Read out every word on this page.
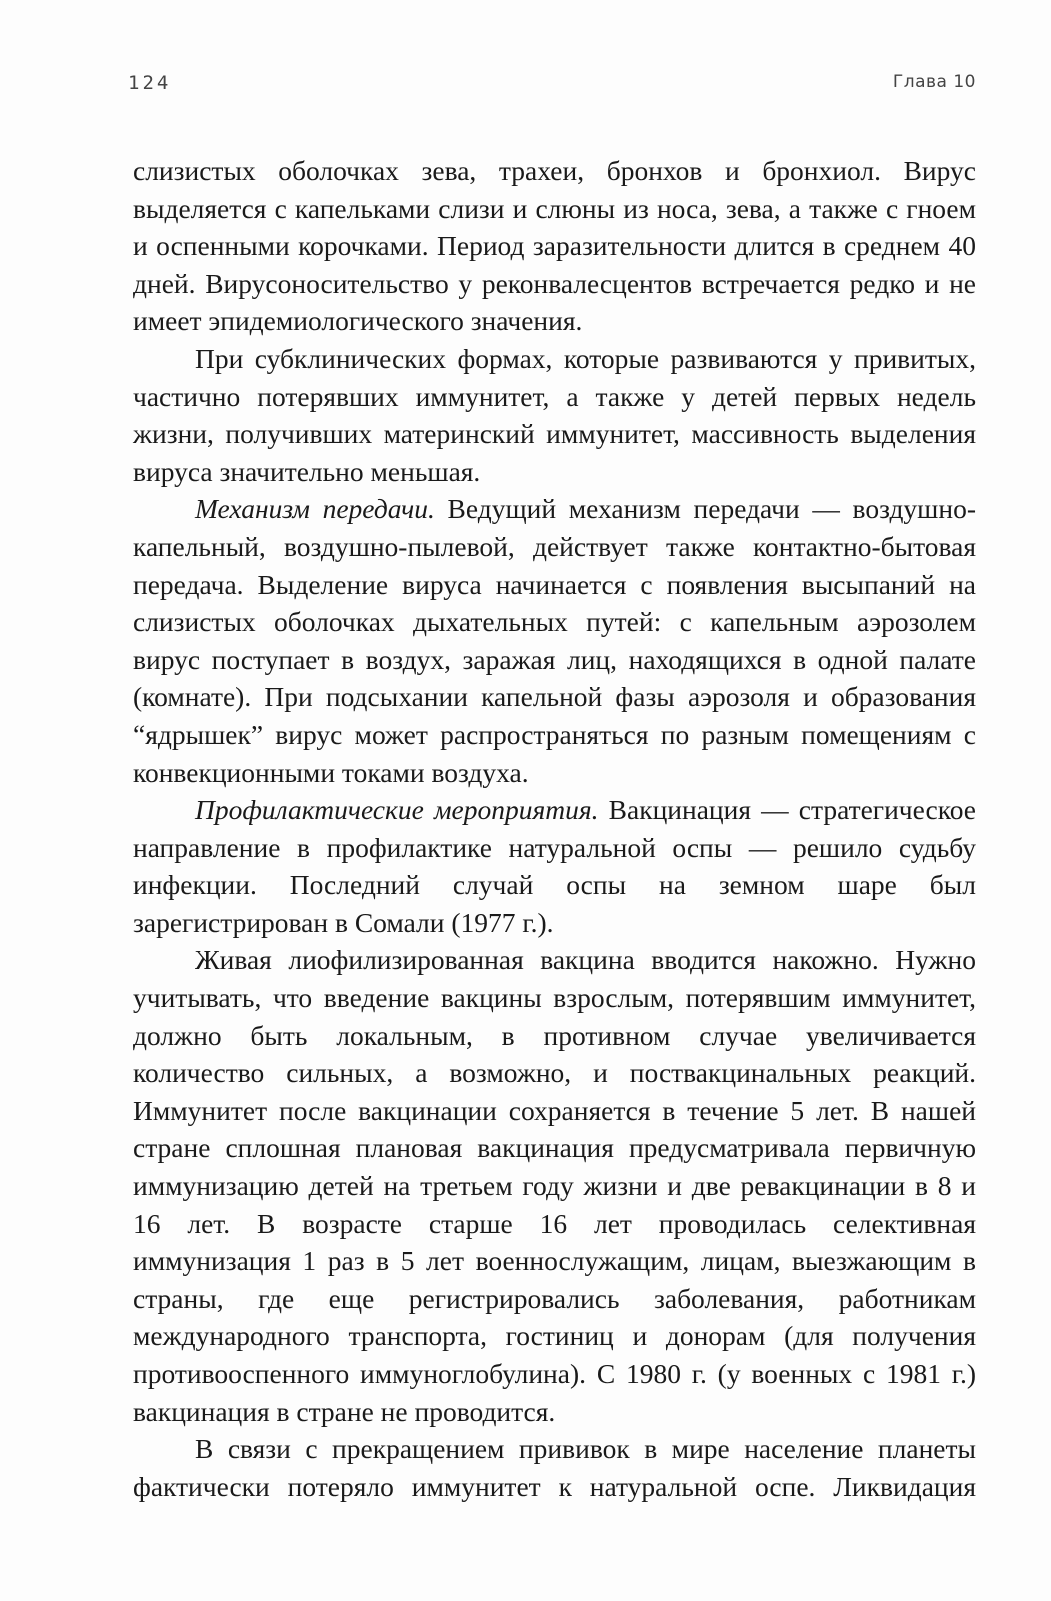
124	Глава 10

слизистых оболочках зева, трахеи, бронхов и бронхиол. Вирус выделяется с капельками слизи и слюны из носа, зева, а также с гноем и оспенными корочками. Период заразительности длится в среднем 40 дней. Вирусоносительство у реконвалесцентов встречается редко и не имеет эпидемиологического значения.

При субклинических формах, которые развиваются у привитых, частично потерявших иммунитет, а также у детей первых недель жизни, получивших материнский иммунитет, массивность выделения вируса значительно меньшая.

Механизм передачи. Ведущий механизм передачи — воздушно-капельный, воздушно-пылевой, действует также контактно-бытовая передача. Выделение вируса начинается с появления высыпаний на слизистых оболочках дыхательных путей: с капельным аэрозолем вирус поступает в воздух, заражая лиц, находящихся в одной палате (комнате). При подсыхании капельной фазы аэрозоля и образования “ядрышек” вирус может распространяться по разным помещениям с конвекционными токами воздуха.

Профилактические мероприятия. Вакцинация — стратегическое направление в профилактике натуральной оспы — решило судьбу инфекции. Последний случай оспы на земном шаре был зарегистрирован в Сомали (1977 г.).

Живая лиофилизированная вакцина вводится накожно. Нужно учитывать, что введение вакцины взрослым, потерявшим иммунитет, должно быть локальным, в противном случае увеличивается количество сильных, а возможно, и поствакцинальных реакций. Иммунитет после вакцинации сохраняется в течение 5 лет. В нашей стране сплошная плановая вакцинация предусматривала первичную иммунизацию детей на третьем году жизни и две ревакцинации в 8 и 16 лет. В возрасте старше 16 лет проводилась селективная иммунизация 1 раз в 5 лет военнослужащим, лицам, выезжающим в страны, где еще регистрировались заболевания, работникам международного транспорта, гостиниц и донорам (для получения противооспенного иммуноглобулина). С 1980 г. (у военных с 1981 г.) вакцинация в стране не проводится.

В связи с прекращением прививок в мире население планеты фактически потеряло иммунитет к натуральной оспе. Ликвидация
